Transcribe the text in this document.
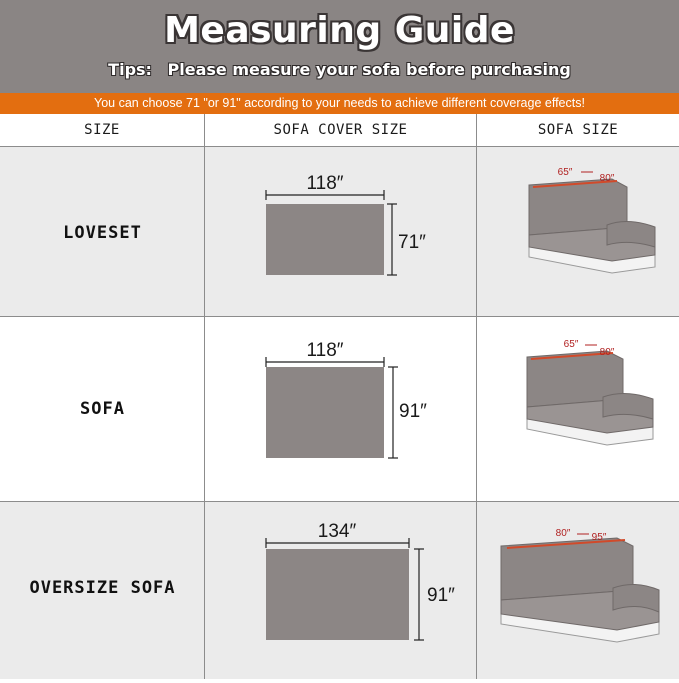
Measuring Guide
Tips: Please measure your sofa before purchasing
You can choose 71 "or 91" according to your needs to achieve different coverage effects!
SIZE	SOFA COVER SIZE	SOFA SIZE
LOVESET
118″
71″
65″
80″
SOFA
118″
91″
65″
80″
OVERSIZE SOFA
134″
91″
80″ 95″
